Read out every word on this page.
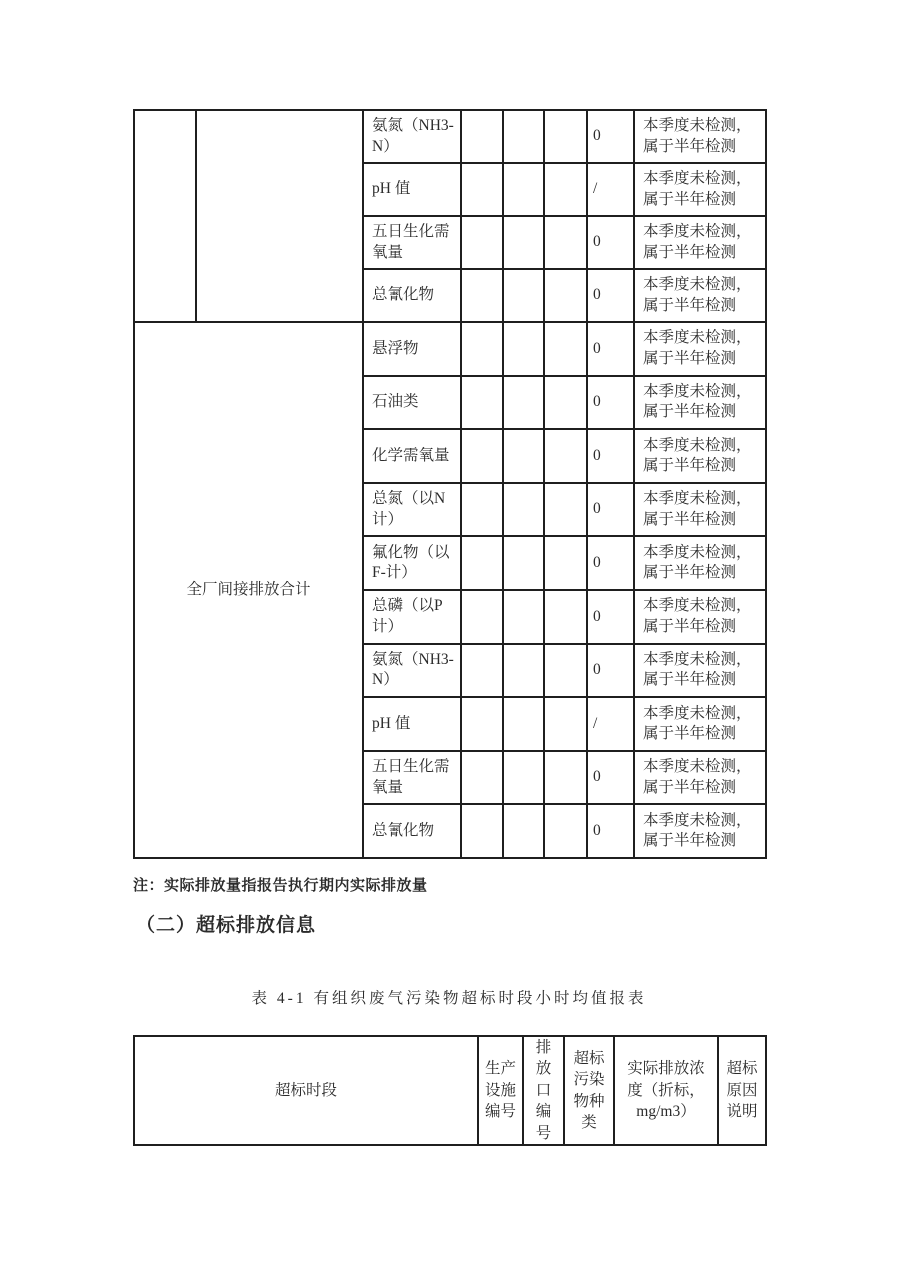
		氨氮（NH3-N）				0	本季度未检测，属于半年检测
		pH 值				/	本季度未检测，属于半年检测
		五日生化需氧量				0	本季度未检测，属于半年检测
		总氰化物				0	本季度未检测，属于半年检测
全厂间接排放合计		悬浮物				0	本季度未检测，属于半年检测
		石油类				0	本季度未检测，属于半年检测
		化学需氧量				0	本季度未检测，属于半年检测
		总氮（以N计）				0	本季度未检测，属于半年检测
		氟化物（以F-计）				0	本季度未检测，属于半年检测
		总磷（以P计）				0	本季度未检测，属于半年检测
		氨氮（NH3-N）				0	本季度未检测，属于半年检测
		pH 值				/	本季度未检测，属于半年检测
		五日生化需氧量				0	本季度未检测，属于半年检测
		总氰化物				0	本季度未检测，属于半年检测

注：实际排放量指报告执行期内实际排放量

（二）超标排放信息

表 4-1 有组织废气污染物超标时段小时均值报表

超标时段	生产设施编号	排放口编号	超标污染物种类	实际排放浓度（折标，mg/m3）	超标原因说明
